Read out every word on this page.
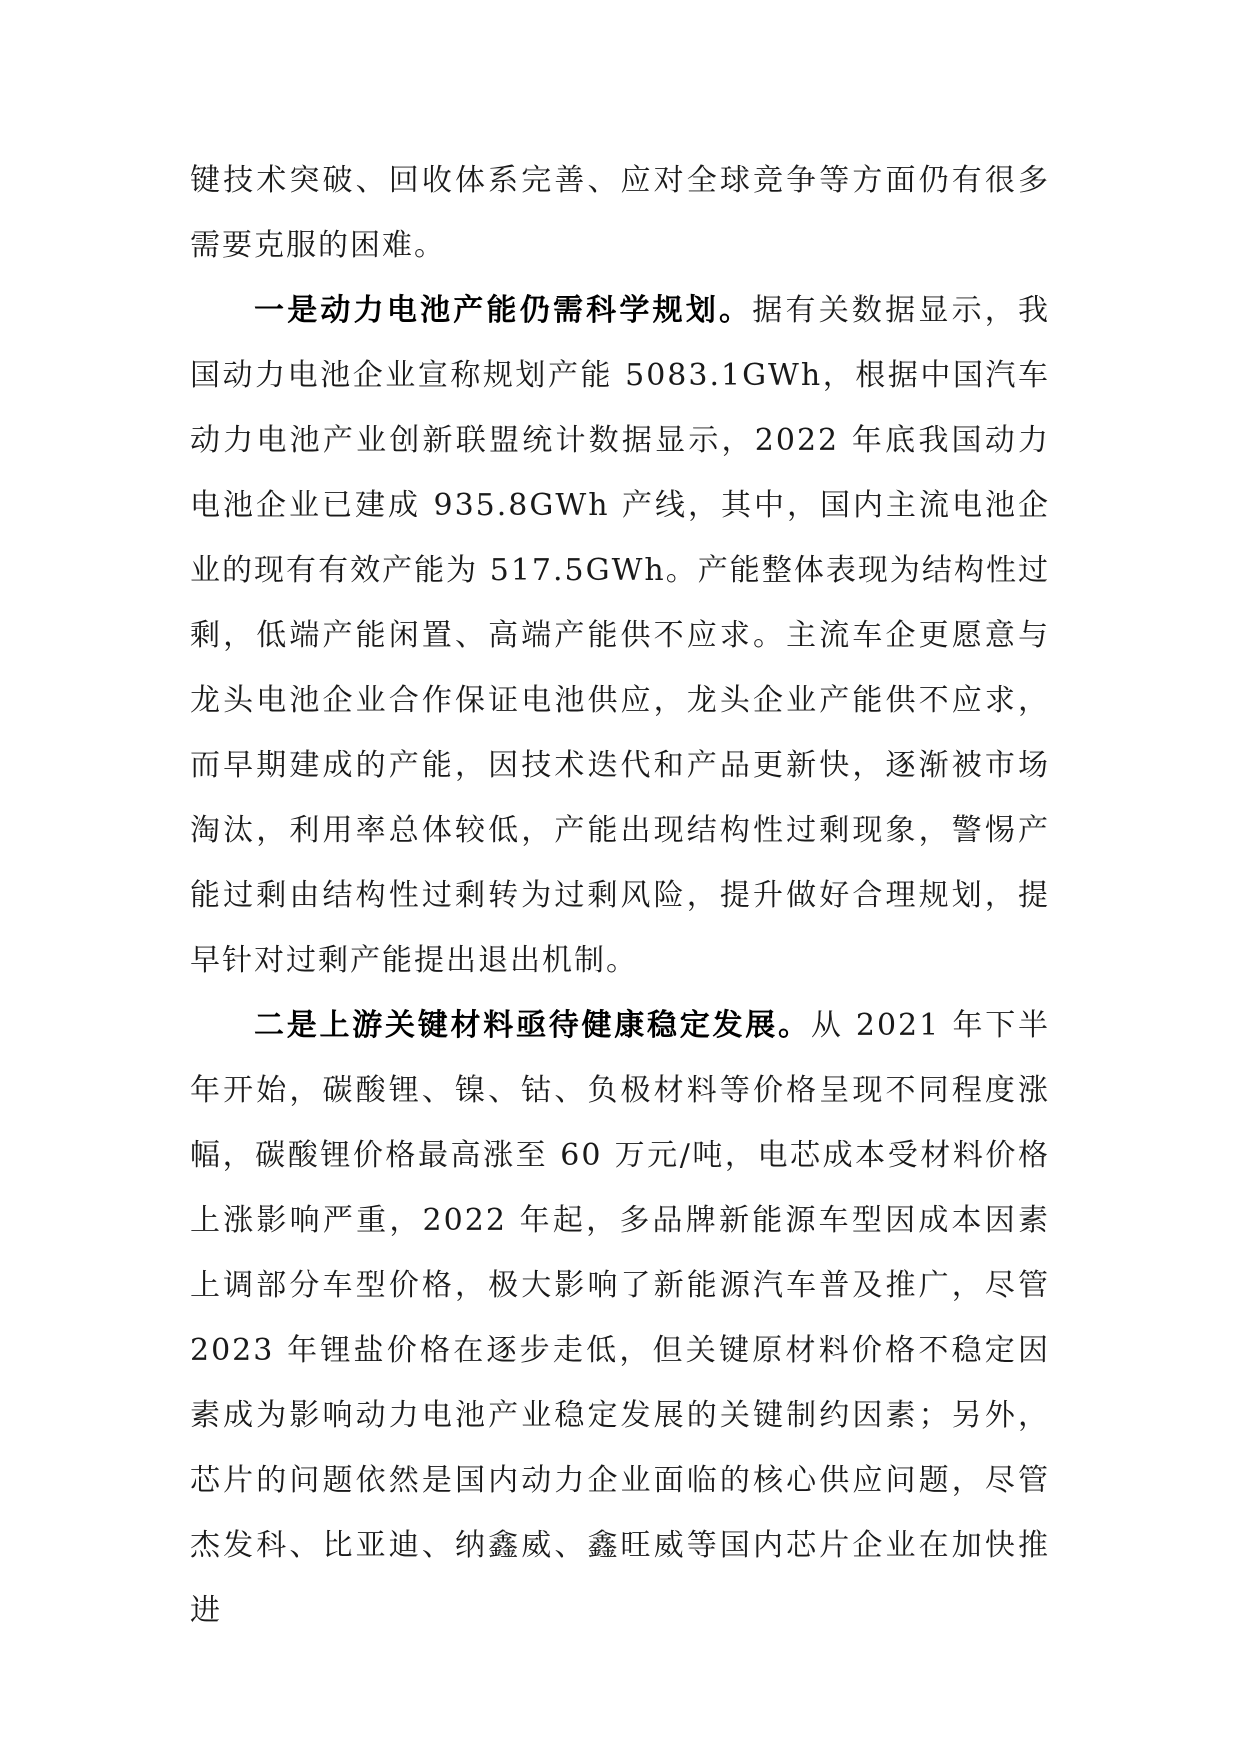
键技术突破、回收体系完善、应对全球竞争等方面仍有很多需要克服的困难。

一是动力电池产能仍需科学规划。据有关数据显示，我国动力电池企业宣称规划产能 5083.1GWh，根据中国汽车动力电池产业创新联盟统计数据显示，2022 年底我国动力电池企业已建成 935.8GWh 产线，其中，国内主流电池企业的现有有效产能为 517.5GWh。产能整体表现为结构性过剩，低端产能闲置、高端产能供不应求。主流车企更愿意与龙头电池企业合作保证电池供应，龙头企业产能供不应求，而早期建成的产能，因技术迭代和产品更新快，逐渐被市场淘汰，利用率总体较低，产能出现结构性过剩现象，警惕产能过剩由结构性过剩转为过剩风险，提升做好合理规划，提早针对过剩产能提出退出机制。

二是上游关键材料亟待健康稳定发展。从 2021 年下半年开始，碳酸锂、镍、钴、负极材料等价格呈现不同程度涨幅，碳酸锂价格最高涨至 60 万元/吨，电芯成本受材料价格上涨影响严重，2022 年起，多品牌新能源车型因成本因素上调部分车型价格，极大影响了新能源汽车普及推广，尽管 2023 年锂盐价格在逐步走低，但关键原材料价格不稳定因素成为影响动力电池产业稳定发展的关键制约因素；另外，芯片的问题依然是国内动力企业面临的核心供应问题，尽管杰发科、比亚迪、纳鑫威、鑫旺威等国内芯片企业在加快推进
